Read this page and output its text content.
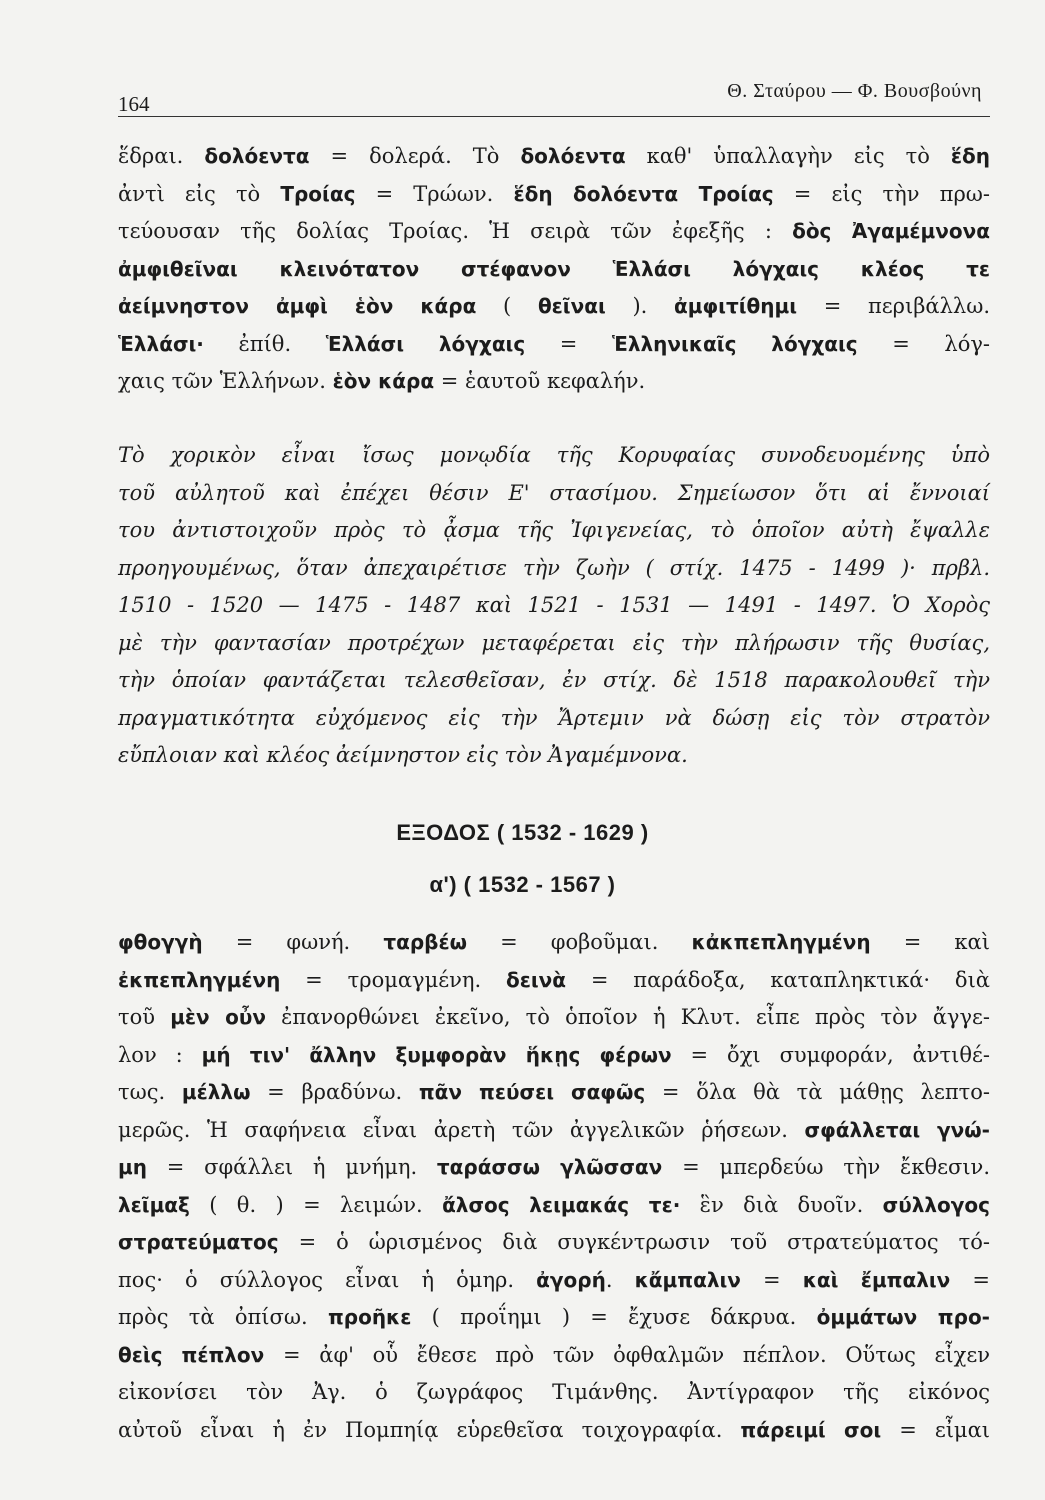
164
Θ. Σταύρου — Φ. Βουσβούνη
ἕδραι. δολόεντα = δολερά. Τὸ δολόεντα καθ' ὑπαλλαγὴν εἰς τὸ ἕδη
ἀντὶ εἰς τὸ Τροίας = Τρώων. ἕδη δολόεντα Τροίας = εἰς τὴν πρω-
τεύουσαν τῆς δολίας Τροίας. Ἡ σειρὰ τῶν ἐφεξῆς : δὸς Ἀγαμέμνονα
ἀμφιθεῖναι κλεινότατον στέφανον Ἑλλάσι λόγχαις κλέος τε
ἀείμνηστον ἀμφὶ ἑὸν κάρα ( θεῖναι ). ἀμφιτίθημι = περιβάλλω.
Ἑλλάσι· ἐπίθ. Ἑλλάσι λόγχαις = Ἑλληνικαῖς λόγχαις = λόγ-
χαις τῶν Ἑλλήνων. ἑὸν κάρα = ἑαυτοῦ κεφαλήν.
Τὸ χορικὸν εἶναι ἴσως μονῳδία τῆς Κορυφαίας συνοδευομένης ὑπὸ
τοῦ αὐλητοῦ καὶ ἐπέχει θέσιν Ε' στασίμου. Σημείωσον ὅτι αἱ ἔννοιαί
του ἀντιστοιχοῦν πρὸς τὸ ᾆσμα τῆς Ἰφιγενείας, τὸ ὁποῖον αὐτὴ ἔψαλλε
προηγουμένως, ὅταν ἀπεχαιρέτισε τὴν ζωὴν ( στίχ. 1475 - 1499 )· πρβλ.
1510 - 1520 — 1475 - 1487 καὶ 1521 - 1531 — 1491 - 1497. Ὁ Χορὸς
μὲ τὴν φαντασίαν προτρέχων μεταφέρεται εἰς τὴν πλήρωσιν τῆς θυσίας,
τὴν ὁποίαν φαντάζεται τελεσθεῖσαν, ἐν στίχ. δὲ 1518 παρακολουθεῖ τὴν
πραγματικότητα εὐχόμενος εἰς τὴν Ἄρτεμιν νὰ δώσῃ εἰς τὸν στρατὸν
εὔπλοιαν καὶ κλέος ἀείμνηστον εἰς τὸν Ἀγαμέμνονα.
ΕΞΟΔΟΣ ( 1532 - 1629 )
α') ( 1532 - 1567 )
φθογγὴ = φωνή. ταρβέω = φοβοῦμαι. κἀκπεπληγμένη = καὶ
ἐκπεπληγμένη = τρομαγμένη. δεινὰ = παράδοξα, καταπληκτικά· διὰ
τοῦ μὲν οὖν ἐπανορθώνει ἐκεῖνο, τὸ ὁποῖον ἡ Κλυτ. εἶπε πρὸς τὸν ἄγγε-
λον : μή τιν' ἄλλην ξυμφορὰν ἥκῃς φέρων = ὄχι συμφοράν, ἀντιθέ-
τως. μέλλω = βραδύνω. πᾶν πεύσει σαφῶς = ὅλα θὰ τὰ μάθῃς λεπτο-
μερῶς. Ἡ σαφήνεια εἶναι ἀρετὴ τῶν ἀγγελικῶν ῥήσεων. σφάλλεται γνώ-
μη = σφάλλει ἡ μνήμη. ταράσσω γλῶσσαν = μπερδεύω τὴν ἔκθεσιν.
λεῖμαξ ( θ. ) = λειμών. ἄλσος λειμακάς τε· ἓν διὰ δυοῖν. σύλλογος
στρατεύματος = ὁ ὡρισμένος διὰ συγκέντρωσιν τοῦ στρατεύματος τό-
πος· ὁ σύλλογος εἶναι ἡ ὁμηρ. ἀγορή. κἄμπαλιν = καὶ ἔμπαλιν =
πρὸς τὰ ὀπίσω. προῆκε ( προΐημι ) = ἔχυσε δάκρυα. ὀμμάτων προ-
θεὶς πέπλον = ἀφ' οὗ ἔθεσε πρὸ τῶν ὀφθαλμῶν πέπλον. Οὕτως εἶχεν
εἰκονίσει τὸν Ἀγ. ὁ ζωγράφος Τιμάνθης. Ἀντίγραφον τῆς εἰκόνος
αὐτοῦ εἶναι ἡ ἐν Πομπηίᾳ εὑρεθεῖσα τοιχογραφία. πάρειμί σοι = εἶμαι
